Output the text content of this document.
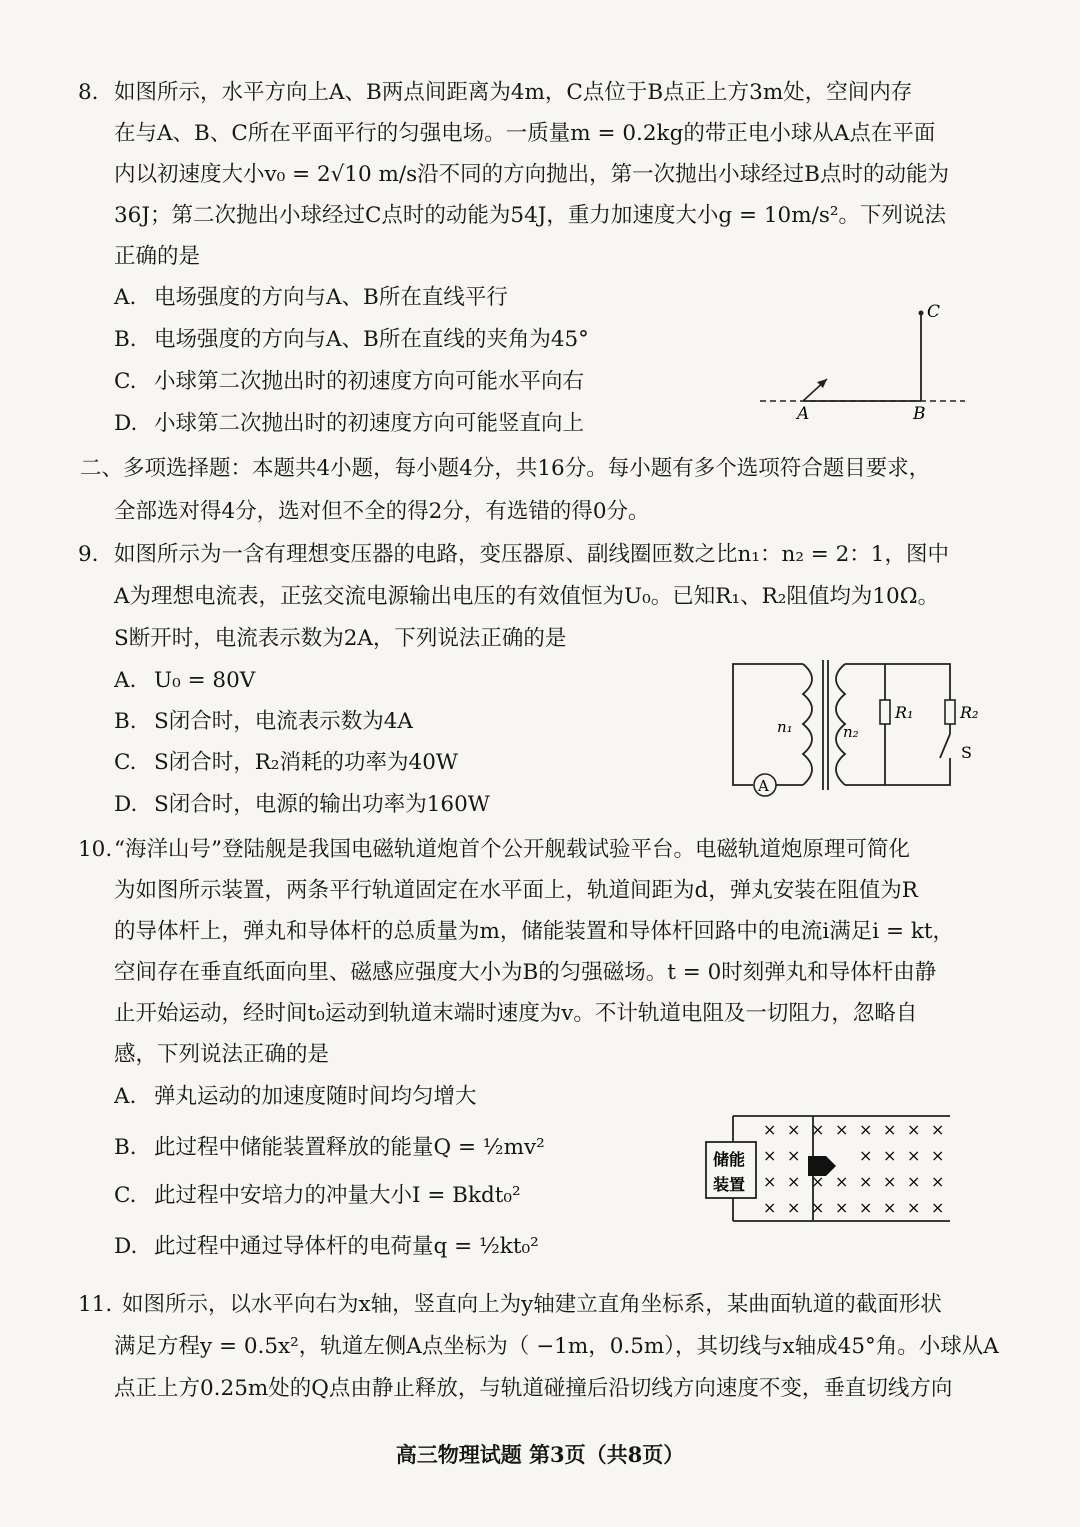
8. 如图所示，水平方向上A、B两点间距离为4m，C点位于B点正上方3m处，空间内存
在与A、B、C所在平面平行的匀强电场。一质量m = 0.2kg的带正电小球从A点在平面
内以初速度大小v₀ = 2√10 m/s沿不同的方向抛出，第一次抛出小球经过B点时的动能为
36J；第二次抛出小球经过C点时的动能为54J，重力加速度大小g = 10m/s²。下列说法
正确的是
A. 电场强度的方向与A、B所在直线平行
B. 电场强度的方向与A、B所在直线的夹角为45°
C. 小球第二次抛出时的初速度方向可能水平向右
D. 小球第二次抛出时的初速度方向可能竖直向上	A	B
C
二、多项选择题：本题共4小题，每小题4分，共16分。每小题有多个选项符合题目要求，
全部选对得4分，选对但不全的得2分，有选错的得0分。
9. 如图所示为一含有理想变压器的电路，变压器原、副线圈匝数之比n₁：n₂ = 2：1，图中
A为理想电流表，正弦交流电源输出电压的有效值恒为U₀。已知R₁、R₂阻值均为10Ω。
S断开时，电流表示数为2A，下列说法正确的是
A. U₀ = 80V
B. S闭合时，电流表示数为4A
C. S闭合时，R₂消耗的功率为40W
D. S闭合时，电源的输出功率为160W
A
n₁	n₂
R₁	R₂
S
10. “海洋山号”登陆舰是我国电磁轨道炮首个公开舰载试验平台。电磁轨道炮原理可简化
为如图所示装置，两条平行轨道固定在水平面上，轨道间距为d，弹丸安装在阻值为R
的导体杆上，弹丸和导体杆的总质量为m，储能装置和导体杆回路中的电流i满足i = kt，
空间存在垂直纸面向里、磁感应强度大小为B的匀强磁场。t = 0时刻弹丸和导体杆由静
止开始运动，经时间t₀运动到轨道末端时速度为v。不计轨道电阻及一切阻力，忽略自
感，下列说法正确的是
A. 弹丸运动的加速度随时间均匀增大
B. 此过程中储能装置释放的能量Q = ½mv²
C. 此过程中安培力的冲量大小I = Bkdt₀²
D. 此过程中通过导体杆的电荷量q = ½kt₀²
储能
装置
× × × × × × × ×
× ×	× × × ×
× × × × × × × ×
× × × × × × × ×
11. 如图所示，以水平向右为x轴，竖直向上为y轴建立直角坐标系，某曲面轨道的截面形状
满足方程y = 0.5x²，轨道左侧A点坐标为（ −1m，0.5m），其切线与x轴成45°角。小球从A
点正上方0.25m处的Q点由静止释放，与轨道碰撞后沿切线方向速度不变，垂直切线方向
高三物理试题 第3页（共8页）
